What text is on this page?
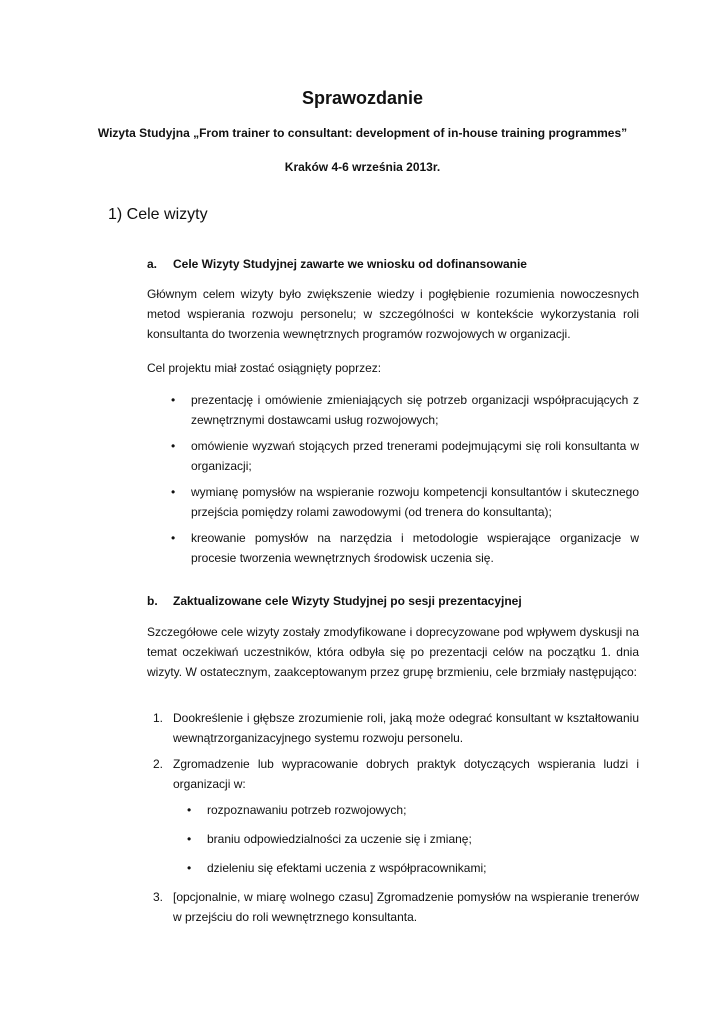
Sprawozdanie

Wizyta Studyjna „From trainer to consultant: development of in-house training programmes”

Kraków 4-6 września 2013r.

1) Cele wizyty
a. Cele Wizyty Studyjnej zawarte we wniosku od dofinansowanie

Głównym celem wizyty było zwiększenie wiedzy i pogłębienie rozumienia nowoczesnych metod wspierania rozwoju personelu; w szczególności w kontekście wykorzystania roli konsultanta do tworzenia wewnętrznych programów rozwojowych w organizacji.

Cel projektu miał zostać osiągnięty poprzez:

• prezentację i omówienie zmieniających się potrzeb organizacji współpracujących z zewnętrznymi dostawcami usług rozwojowych;
• omówienie wyzwań stojących przed trenerami podejmującymi się roli konsultanta w organizacji;
• wymianę pomysłów na wspieranie rozwoju kompetencji konsultantów i skutecznego przejścia pomiędzy rolami zawodowymi (od trenera do konsultanta);
• kreowanie pomysłów na narzędzia i metodologie wspierające organizacje w procesie tworzenia wewnętrznych środowisk uczenia się.
b. Zaktualizowane cele Wizyty Studyjnej po sesji prezentacyjnej

Szczegółowe cele wizyty zostały zmodyfikowane i doprecyzowane pod wpływem dyskusji na temat oczekiwań uczestników, która odbyła się po prezentacji celów na początku 1. dnia wizyty. W ostatecznym, zaakceptowanym przez grupę brzmieniu, cele brzmiały następująco:

1. Dookreślenie i głębsze zrozumienie roli, jaką może odegrać konsultant w kształtowaniu wewnątrzorganizacyjnego systemu rozwoju personelu.
2. Zgromadzenie lub wypracowanie dobrych praktyk dotyczących wspierania ludzi i organizacji w:
• rozpoznawaniu potrzeb rozwojowych;
• braniu odpowiedzialności za uczenie się i zmianę;
• dzieleniu się efektami uczenia z współpracownikami;
3. [opcjonalnie, w miarę wolnego czasu] Zgromadzenie pomysłów na wspieranie trenerów w przejściu do roli wewnętrznego konsultanta.
